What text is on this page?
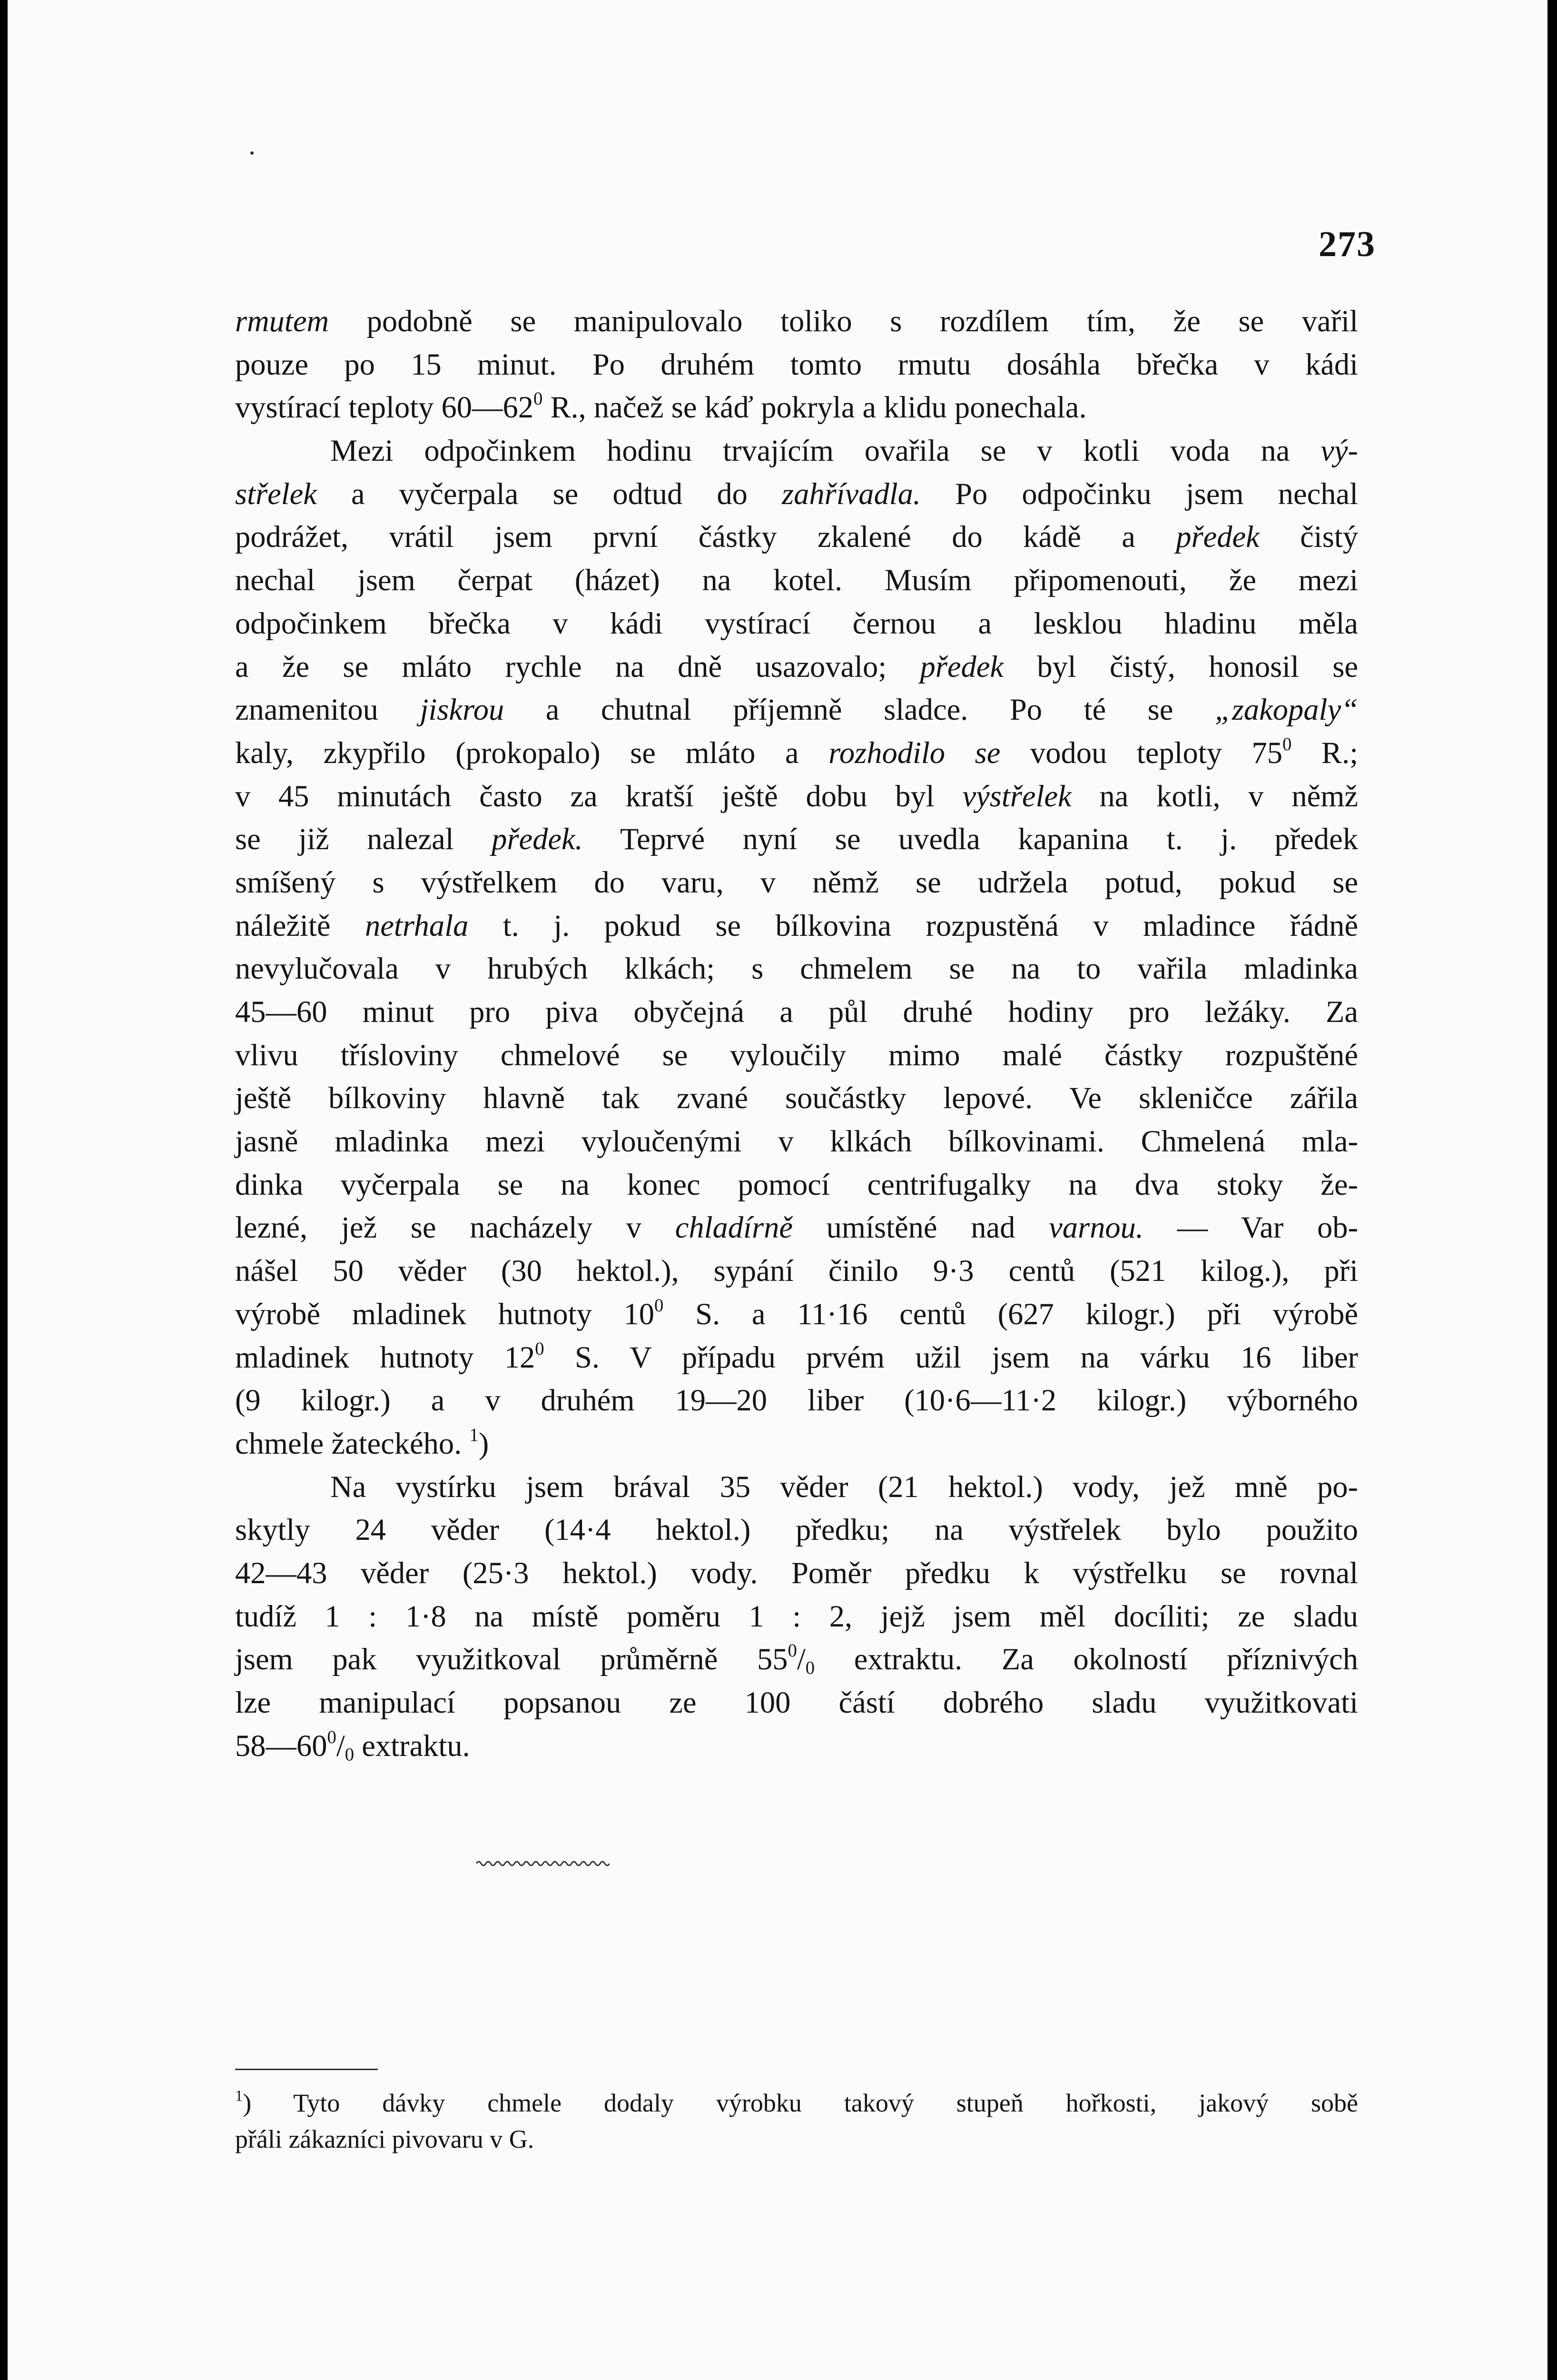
273
rmutem podobně se manipulovalo toliko s rozdílem tím, že se vařil
pouze po 15 minut. Po druhém tomto rmutu dosáhla břečka v kádi
vystírací teploty $60—62^0$ R., načež se káď pokryla a klidu ponechala.
Mezi odpočinkem hodinu trvajícím ovařila se v kotli voda na vý-
střelek a vyčerpala se odtud do zahřívadla. Po odpočinku jsem nechal
podrážet, vrátil jsem první částky zkalené do kádě a předek čistý
nechal jsem čerpat (házet) na kotel. Musím připomenouti, že mezi
odpočinkem břečka v kádi vystírací černou a lesklou hladinu měla
a že se mláto rychle na dně usazovalo; předek byl čistý, honosil se
znamenitou jiskrou a chutnal příjemně sladce. Po té se „zakopaly“
kaly, zkypřilo (prokopalo) se mláto a rozhodilo se vodou teploty $75^0$ R.;
v 45 minutách často za kratší ještě dobu byl výstřelek na kotli, v němž
se již nalezal předek. Teprvé nyní se uvedla kapanina t. j. předek
smíšený s výstřelkem do varu, v němž se udržela potud, pokud se
náležitě netrhala t. j. pokud se bílkovina rozpustěná v mladince řádně
nevylučovala v hrubých klkách; s chmelem se na to vařila mladinka
45—60 minut pro piva obyčejná a půl druhé hodiny pro ležáky. Za
vlivu třísloviny chmelové se vyloučily mimo malé částky rozpuštěné
ještě bílkoviny hlavně tak zvané součástky lepové. Ve skleničce zářila
jasně mladinka mezi vyloučenými v klkách bílkovinami. Chmelená mla-
dinka vyčerpala se na konec pomocí centrifugalky na dva stoky že-
lezné, jež se nacházely v chladírně umístěné nad varnou. — Var ob-
nášel 50 věder (30 hektol.), sypání činilo 9·3 centů (521 kilog.), při
výrobě mladinek hutnoty $10^0$ S. a 11·16 centů (627 kilogr.) při výrobě
mladinek hutnoty $12^0$ S. V případu prvém užil jsem na várku 16 liber
(9 kilogr.) a v druhém 19—20 liber (10·6—11·2 kilogr.) výborného
chmele žateckého. $^1$)
Na vystírku jsem brával 35 věder (21 hektol.) vody, jež mně po-
skytly 24 věder (14·4 hektol.) předku; na výstřelek bylo použito
42—43 věder (25·3 hektol.) vody. Poměr předku k výstřelku se rovnal
tudíž 1 : 1·8 na místě poměru 1 : 2, jejž jsem měl docíliti; ze sladu
jsem pak využitkoval průměrně $55^0/_0$ extraktu. Za okolností příznivých
lze manipulací popsanou ze 100 částí dobrého sladu využitkovati
$58—60^0/_0$ extraktu.
$^1$) Tyto dávky chmele dodaly výrobku takový stupeň hořkosti, jakový sobě
přáli zákazníci pivovaru v G.
